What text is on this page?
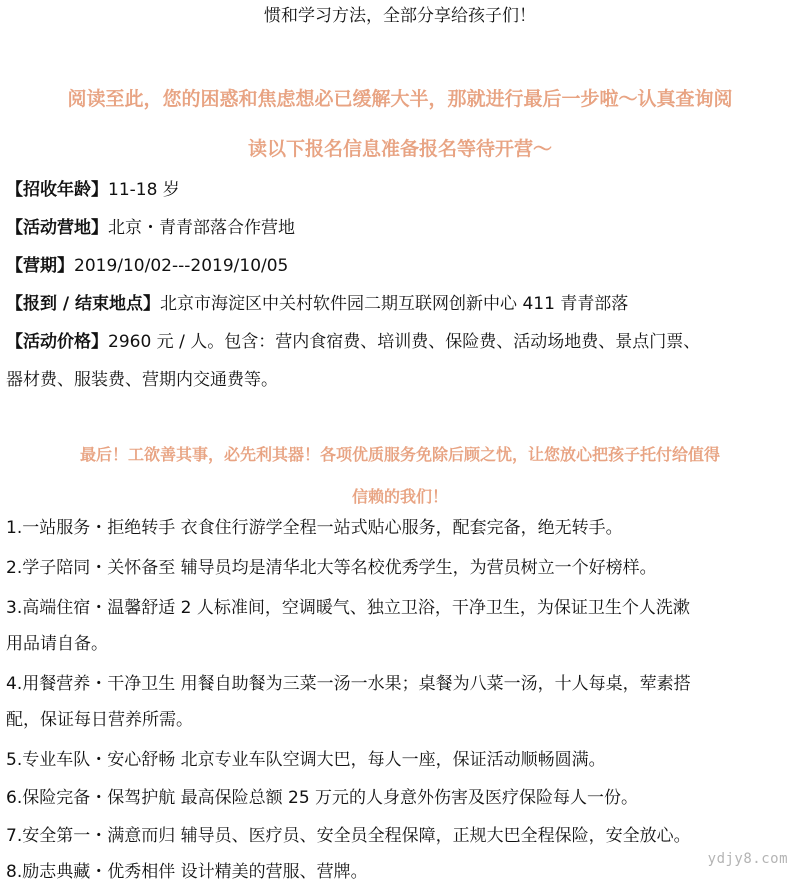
惯和学习方法，全部分享给孩子们！
阅读至此，您的困惑和焦虑想必已缓解大半，那就进行最后一步啦～认真查询阅
读以下报名信息准备报名等待开营～
【招收年龄】11-18 岁
【活动营地】北京・青青部落合作营地
【营期】2019/10/02---2019/10/05
【报到 / 结束地点】北京市海淀区中关村软件园二期互联网创新中心 411 青青部落
【活动价格】2960 元 / 人。包含：营内食宿费、培训费、保险费、活动场地费、景点门票、
器材费、服装费、营期内交通费等。
最后！工欲善其事，必先利其器！各项优质服务免除后顾之忧，让您放心把孩子托付给值得
信赖的我们！
1.一站服务・拒绝转手 衣食住行游学全程一站式贴心服务，配套完备，绝无转手。
2.学子陪同・关怀备至 辅导员均是清华北大等名校优秀学生，为营员树立一个好榜样。
3.高端住宿・温馨舒适 2 人标准间，空调暖气、独立卫浴，干净卫生，为保证卫生个人洗漱
用品请自备。
4.用餐营养・干净卫生 用餐自助餐为三菜一汤一水果；桌餐为八菜一汤，十人每桌，荤素搭
配，保证每日营养所需。
5.专业车队・安心舒畅 北京专业车队空调大巴，每人一座，保证活动顺畅圆满。
6.保险完备・保驾护航 最高保险总额 25 万元的人身意外伤害及医疗保险每人一份。
7.安全第一・满意而归 辅导员、医疗员、安全员全程保障，正规大巴全程保险，安全放心。
8.励志典藏・优秀相伴 设计精美的营服、营牌。
ydjy8.com
